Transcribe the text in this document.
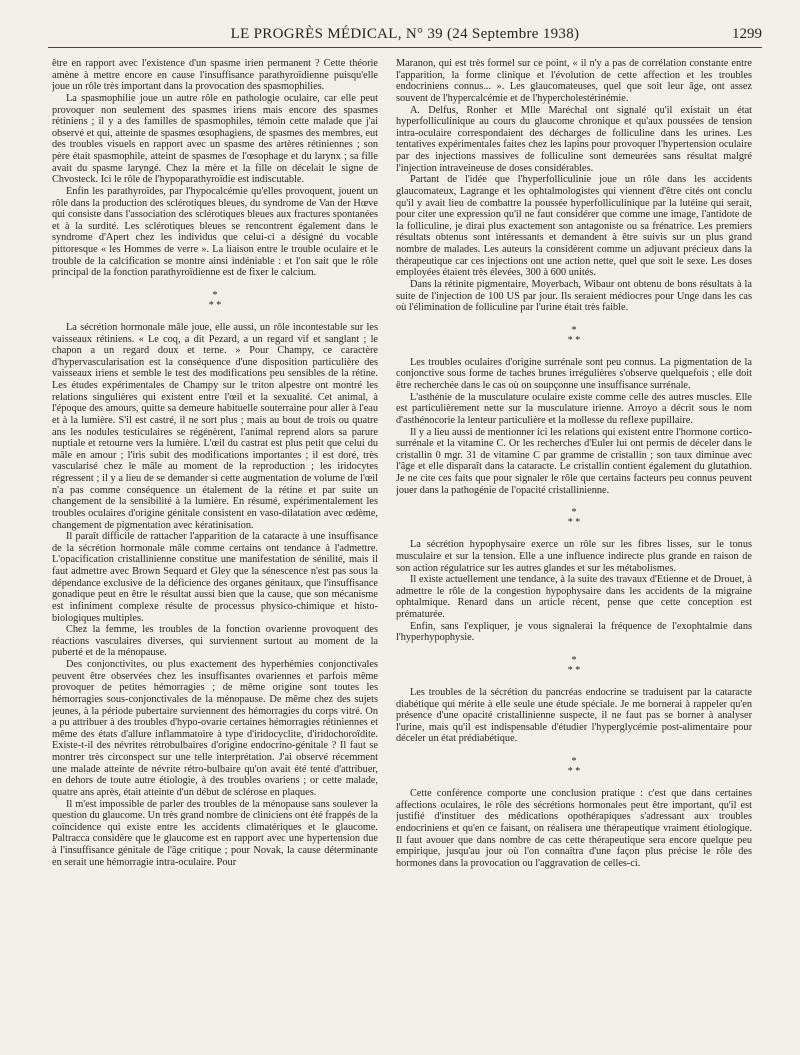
LE PROGRÈS MÉDICAL, N° 39 (24 Septembre 1938)	1299

être en rapport avec l'existence d'un spasme irien permanent ? Cette théorie amène à mettre encore en cause l'insuffisance parathyroïdienne puisqu'elle joue un rôle très important dans la provocation des spasmophilies.

La spasmophilie joue un autre rôle en pathologie oculaire, car elle peut provoquer non seulement des spasmes iriens mais encore des spasmes rétiniens ; il y a des familles de spasmophiles, témoin cette malade que j'ai observé et qui, atteinte de spasmes œsophagiens, de spasmes des membres, eut des troubles visuels en rapport avec un spasme des artères rétiniennes ; son père était spasmophile, atteint de spasmes de l'œsophage et du larynx ; sa fille avait du spasme laryngé. Chez la mère et la fille on décelait le signe de Chvosteck. Ici le rôle de l'hypoparathyroïdie est indiscutable.

Enfin les parathyroïdes, par l'hypocalcémie qu'elles provoquent, jouent un rôle dans la production des sclérotiques bleues, du syndrome de Van der Hœve qui consiste dans l'association des sclérotiques bleues aux fractures spontanées et à la surdité. Les sclérotiques bleues se rencontrent également dans le syndrome d'Apert chez les individus que celui-ci a désigné du vocable pittoresque « les Hommes de verre ». La liaison entre le trouble oculaire et le trouble de la calcification se montre ainsi indéniable : et l'on sait que le rôle principal de la fonction parathyroïdienne est de fixer le calcium.

*
* *

La sécrétion hormonale mâle joue, elle aussi, un rôle incontestable sur les vaisseaux rétiniens. « Le coq, a dit Pezard, a un regard vif et sanglant ; le chapon a un regard doux et terne. » Pour Champy, ce caractère d'hypervascularisation est la conséquence d'une disposition particulière des vaisseaux iriens et semble le test des modifications peu sensibles de la rétine. Les études expérimentales de Champy sur le triton alpestre ont montré les relations singulières qui existent entre l'œil et la sexualité. Cet animal, à l'époque des amours, quitte sa demeure habituelle souterraine pour aller à l'eau et à la lumière. S'il est castré, il ne sort plus ; mais au bout de trois ou quatre ans les nodules testiculaires se régénèrent, l'animal reprend alors sa parure nuptiale et retourne vers la lumière. L'œil du castrat est plus petit que celui du mâle en amour ; l'iris subit des modifications importantes ; il est doré, très vascularisé chez le mâle au moment de la reproduction ; les iridocytes régressent ; il y a lieu de se demander si cette augmentation de volume de l'œil n'a pas comme conséquence un étalement de la rétine et par suite un changement de la sensibilité à la lumière. En résumé, expérimentalement les troubles oculaires d'origine génitale consistent en vaso-dilatation avec œdème, changement de pigmentation avec kératinisation.

Il paraît difficile de rattacher l'apparition de la cataracte à une insuffisance de la sécrétion hormonale mâle comme certains ont tendance à l'admettre. L'opacification cristallinienne constitue une manifestation de sénilité, mais il faut admettre avec Brown Sequard et Gley que la sénescence n'est pas sous la dépendance exclusive de la déficience des organes génitaux, que l'insuffisance gonadique peut en être le résultat aussi bien que la cause, que son mécanisme est infiniment complexe résulte de processus physico-chimique et histo-biologiques multiples.

Chez la femme, les troubles de la fonction ovarienne provoquent des réactions vasculaires diverses, qui surviennent surtout au moment de la puberté et de la ménopause.

Des conjonctivites, ou plus exactement des hyperhémies conjonctivales peuvent être observées chez les insuffisantes ovariennes et parfois même provoquer de petites hémorragies ; de même origine sont toutes les hémorragies sous-conjonctivales de la ménopause. De même chez des sujets jeunes, à la période pubertaire surviennent des hémorragies du corps vitré. On a pu attribuer à des troubles d'hypo-ovarie certaines hémorragies rétiniennes et même des états d'allure inflammatoire à type d'iridocyclite, d'iridochoroïdite. Existe-t-il des névrites rétrobulbaires d'origine endocrino-génitale ? Il faut se montrer très circonspect sur une telle interprétation. J'ai observé récemment une malade atteinte de névrite rétro-bulbaire qu'on avait été tenté d'attribuer, en dehors de toute autre étiologie, à des troubles ovariens ; or cette malade, quatre ans après, était atteinte d'un début de sclérose en plaques.

Il m'est impossible de parler des troubles de la ménopause sans soulever la question du glaucome. Un très grand nombre de cliniciens ont été frappés de la coïncidence qui existe entre les accidents climatériques et le glaucome. Paltracca considère que le glaucome est en rapport avec une hypertension due à l'insuffisance génitale de l'âge critique ; pour Novak, la cause déterminante en serait une hémorragie intra-oculaire. Pour

Maranon, qui est très formel sur ce point, « il n'y a pas de corrélation constante entre l'apparition, la forme clinique et l'évolution de cette affection et les troubles endocriniens connus... ». Les glaucomateuses, quel que soit leur âge, ont assez souvent de l'hypercalcémie et de l'hypercholestérinémie.

A. Delfus, Ronher et Mlle Maréchal ont signalé qu'il existait un état hyperfolliculinique au cours du glaucome chronique et qu'aux poussées de tension intra-oculaire correspondaient des décharges de folliculine dans les urines. Les tentatives expérimentales faites chez les lapins pour provoquer l'hypertension oculaire par des injections massives de folliculine sont demeurées sans résultat malgré l'injection intraveineuse de doses considérables.

Partant de l'idée que l'hyperfolliculinie joue un rôle dans les accidents glaucomateux, Lagrange et les ophtalmologistes qui viennent d'être cités ont conclu qu'il y avait lieu de combattre la poussée hyperfolliculinique par la lutéine qui serait, pour citer une expression qu'il ne faut considérer que comme une image, l'antidote de la folliculine, je dirai plus exactement son antagoniste ou sa frénatrice. Les premiers résultats obtenus sont intéressants et demandent à être suivis sur un plus grand nombre de malades. Les auteurs la considèrent comme un adjuvant précieux dans la thérapeutique car ces injections ont une action nette, quel que soit le sexe. Les doses employées étaient très élevées, 300 à 600 unités.

Dans la rétinite pigmentaire, Moyerbach, Wibaur ont obtenu de bons résultats à la suite de l'injection de 100 US par jour. Ils seraient médiocres pour Unge dans les cas où l'élimination de folliculine par l'urine était très faible.

*
* *

Les troubles oculaires d'origine surrénale sont peu connus. La pigmentation de la conjonctive sous forme de taches brunes irrégulières s'observe quelquefois ; elle doit être recherchée dans le cas où on soupçonne une insuffisance surrénale.

L'asthénie de la musculature oculaire existe comme celle des autres muscles. Elle est particulièrement nette sur la musculature irienne. Arroyo a décrit sous le nom d'asthénocorie la lenteur particulière et la mollesse du reflexe pupillaire.

Il y a lieu aussi de mentionner ici les relations qui existent entre l'hormone cortico-surrénale et la vitamine C. Or les recherches d'Euler lui ont permis de déceler dans le cristallin 0 mgr. 31 de vitamine C par gramme de cristallin ; son taux diminue avec l'âge et elle disparaît dans la cataracte. Le cristallin contient également du glutathion. Je ne cite ces faits que pour signaler le rôle que certains facteurs peu connus peuvent jouer dans la pathogénie de l'opacité cristallinienne.

*
* *

La sécrétion hypophysaire exerce un rôle sur les fibres lisses, sur le tonus musculaire et sur la tension. Elle a une influence indirecte plus grande en raison de son action régulatrice sur les autres glandes et sur les métabolismes.

Il existe actuellement une tendance, à la suite des travaux d'Etienne et de Drouet, à admettre le rôle de la congestion hypophysaire dans les accidents de la migraine ophtalmique. Renard dans un article récent, pense que cette conception est prématurée.

Enfin, sans l'expliquer, je vous signalerai la fréquence de l'exophtalmie dans l'hyperhypophysie.

*
* *

Les troubles de la sécrétion du pancréas endocrine se traduisent par la cataracte diabétique qui mérite à elle seule une étude spéciale. Je me bornerai à rappeler qu'en présence d'une opacité cristallinienne suspecte, il ne faut pas se borner à analyser l'urine, mais qu'il est indispensable d'étudier l'hyperglycémie post-alimentaire pour déceler un état prédiabétique.

*
* *

Cette conférence comporte une conclusion pratique : c'est que dans certaines affections oculaires, le rôle des sécrétions hormonales peut être important, qu'il est justifié d'instituer des médications opothérapiques s'adressant aux troubles endocriniens et qu'en ce faisant, on réalisera une thérapeutique vraiment étiologique. Il faut avouer que dans nombre de cas cette thérapeutique sera encore quelque peu empirique, jusqu'au jour où l'on connaîtra d'une façon plus précise le rôle des hormones dans la provocation ou l'aggravation de celles-ci.
